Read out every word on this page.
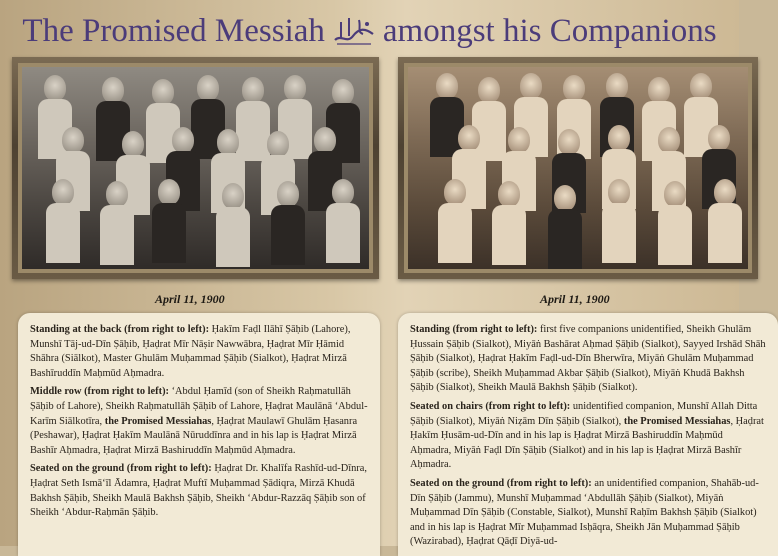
The Promised Messiah amongst his Companions
April 11, 1900	April 11, 1900

Standing at the back (from right to left): Ḥakīm Faḍl Ilāhī Ṣāḥib (Lahore), Munshī Tāj-ud-Dīn Ṣāḥib, Ḥaḍrat Mīr Nāṣir Nawwābra, Ḥaḍrat Mīr Ḥāmid Shāhra (Siālkot), Master Ghulām Muḥammad Ṣāḥib (Sialkot), Ḥaḍrat Mirzā Bashīruddīn Maḥmūd Aḥmadra.

Middle row (from right to left): ‘Abdul Ḥamīd (son of Sheikh Raḥmatullāh Ṣāḥib of Lahore), Sheikh Raḥmatullāh Ṣāḥib of Lahore, Ḥaḍrat Maulānā ‘Abdul-Karīm Siālkotīra, the Promised Messiahas, Ḥaḍrat Maulawī Ghulām Ḥasanra (Peshawar), Ḥaḍrat Ḥakīm Maulānā Nūruddīnra and in his lap is Ḥaḍrat Mirzā Bashīr Aḥmadra, Ḥaḍrat Mirzā Bashiruddīn Maḥmūd Aḥmadra.

Seated on the ground (from right to left): Ḥaḍrat Dr. Khalīfa Rashīd-ud-Dīnra, Ḥaḍrat Seth Ismā‘īl Ādamra, Ḥaḍrat Muftī Muḥammad Ṣādiqra, Mirzā Khudā Bakhsh Ṣāḥib, Sheikh Maulā Bakhsh Ṣāḥib, Sheikh ‘Abdur-Razzāq Ṣāḥib son of Sheikh ‘Abdur-Raḥmān Ṣāḥib.

Standing (from right to left): first five companions unidentified, Sheikh Ghulām Ḥussain Ṣāḥib (Sialkot), Miyāṅ Bashārat Aḥmad Ṣāḥib (Sialkot), Sayyed Irshād Shāh Ṣāḥib (Sialkot), Ḥaḍrat Ḥakīm Faḍl-ud-Dīn Bherwīra, Miyāṅ Ghulām Muḥammad Ṣāḥib (scribe), Sheikh Muḥammad Akbar Ṣāḥib (Sialkot), Miyāṅ Khudā Bakhsh Ṣāḥib (Sialkot), Sheikh Maulā Bakhsh Ṣāḥib (Sialkot).

Seated on chairs (from right to left): unidentified companion, Munshī Allah Ditta Ṣāḥib (Sialkot), Miyāṅ Niẓām Dīn Ṣāḥib (Sialkot), the Promised Messiahas, Ḥaḍrat Ḥakīm Ḥusām-ud-Dīn and in his lap is Ḥaḍrat Mirzā Bashiruddīn Maḥmūd Aḥmadra, Miyāṅ Faḍl Dīn Ṣāḥib (Sialkot) and in his lap is Ḥaḍrat Mirzā Bashīr Aḥmadra.

Seated on the ground (from right to left): an unidentified companion, Shahāb-ud-Dīn Ṣāḥib (Jammu), Munshī Muḥammad ‘Abdullāh Ṣāḥib (Sialkot), Miyāṅ Muḥammad Dīn Ṣāḥib (Constable, Sialkot), Munshī Raḥīm Bakhsh Ṣāḥib (Sialkot) and in his lap is Ḥaḍrat Mīr Muḥammad Isḥāqra, Sheikh Jān Muḥammad Ṣāḥib (Wazirabad), Ḥaḍrat Qāḍī Diyā-ud-
